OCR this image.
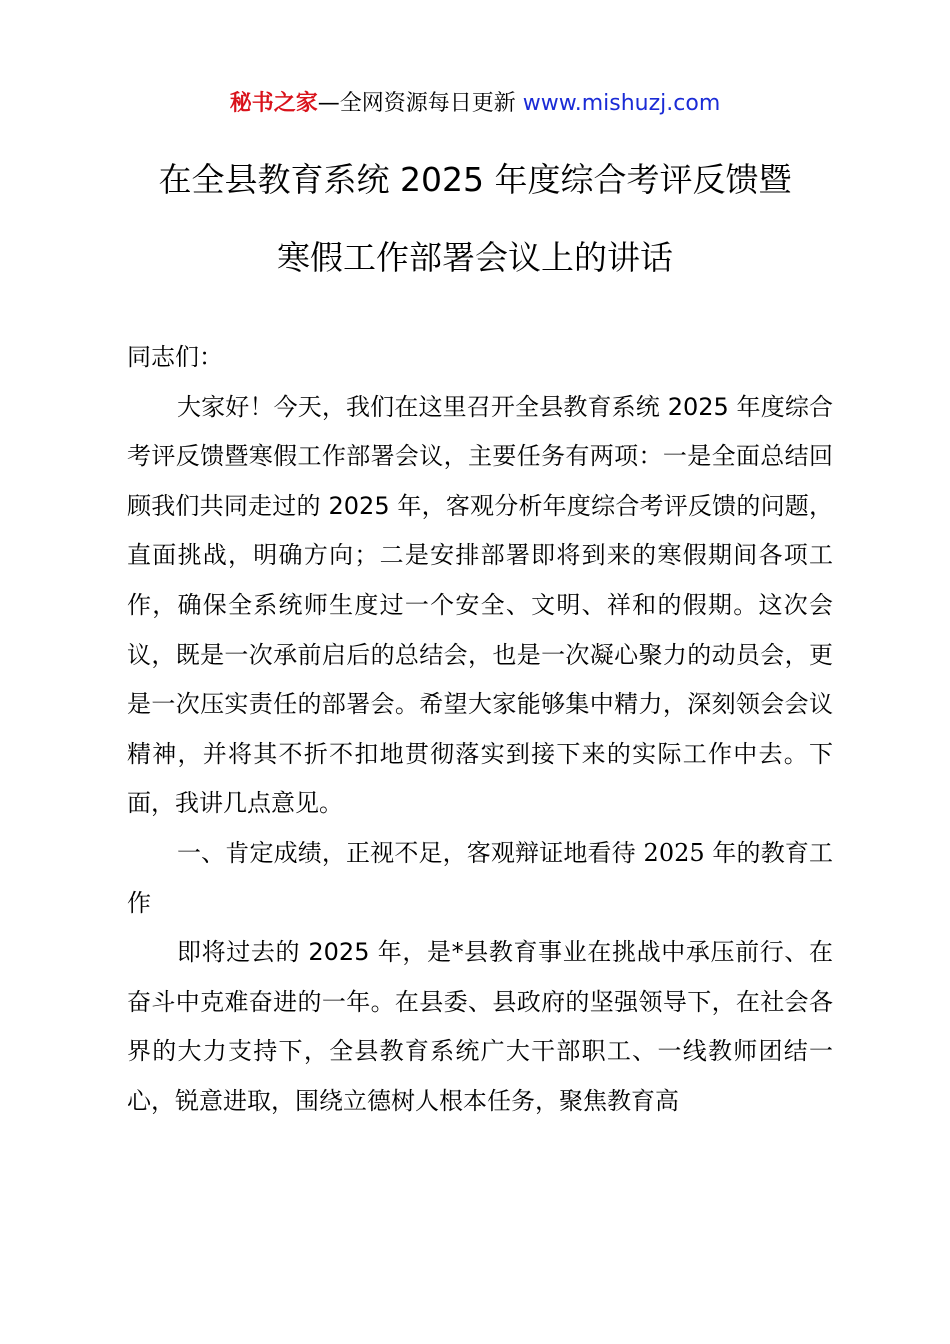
秘书之家—全网资源每日更新 www.mishuzj.com
在全县教育系统 2025 年度综合考评反馈暨
寒假工作部署会议上的讲话

同志们：

大家好！今天，我们在这里召开全县教育系统 2025 年度综合考评反馈暨寒假工作部署会议，主要任务有两项：一是全面总结回顾我们共同走过的 2025 年，客观分析年度综合考评反馈的问题，直面挑战，明确方向；二是安排部署即将到来的寒假期间各项工作，确保全系统师生度过一个安全、文明、祥和的假期。这次会议，既是一次承前启后的总结会，也是一次凝心聚力的动员会，更是一次压实责任的部署会。希望大家能够集中精力，深刻领会会议精神，并将其不折不扣地贯彻落实到接下来的实际工作中去。下面，我讲几点意见。

一、肯定成绩，正视不足，客观辩证地看待 2025 年的教育工作

即将过去的 2025 年，是*县教育事业在挑战中承压前行、在奋斗中克难奋进的一年。在县委、县政府的坚强领导下，在社会各界的大力支持下，全县教育系统广大干部职工、一线教师团结一心，锐意进取，围绕立德树人根本任务，聚焦教育高
